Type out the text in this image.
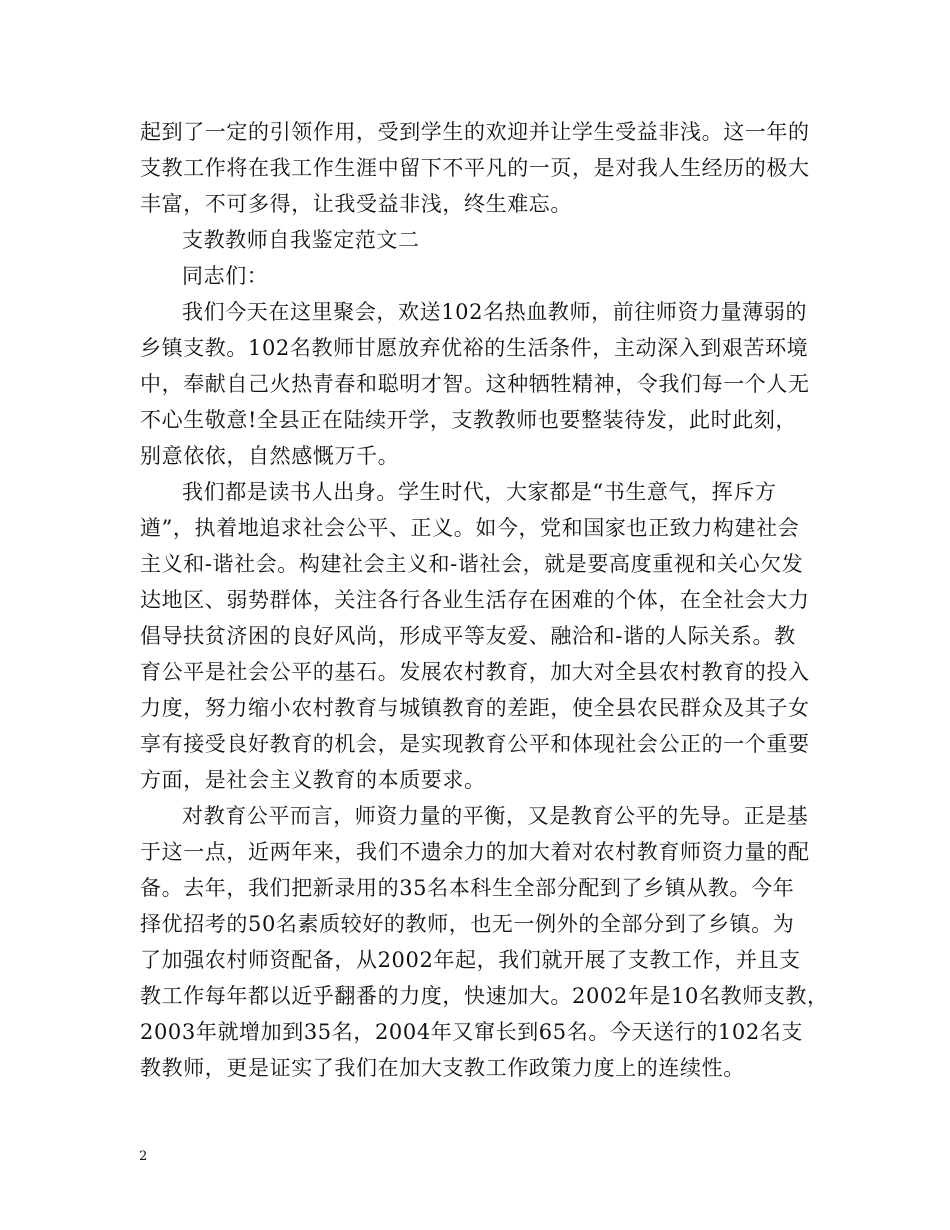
起到了一定的引领作用，受到学生的欢迎并让学生受益非浅。这一年的
支教工作将在我工作生涯中留下不平凡的一页，是对我人生经历的极大
丰富，不可多得，让我受益非浅，终生难忘。
支教教师自我鉴定范文二
同志们：
我们今天在这里聚会，欢送102名热血教师，前往师资力量薄弱的
乡镇支教。102名教师甘愿放弃优裕的生活条件，主动深入到艰苦环境
中，奉献自己火热青春和聪明才智。这种牺牲精神，令我们每一个人无
不心生敬意!全县正在陆续开学，支教教师也要整装待发，此时此刻，
别意依依，自然感慨万千。
我们都是读书人出身。学生时代，大家都是“书生意气，挥斥方
遒”，执着地追求社会公平、正义。如今，党和国家也正致力构建社会
主义和-谐社会。构建社会主义和-谐社会，就是要高度重视和关心欠发
达地区、弱势群体，关注各行各业生活存在困难的个体，在全社会大力
倡导扶贫济困的良好风尚，形成平等友爱、融洽和-谐的人际关系。教
育公平是社会公平的基石。发展农村教育，加大对全县农村教育的投入
力度，努力缩小农村教育与城镇教育的差距，使全县农民群众及其子女
享有接受良好教育的机会，是实现教育公平和体现社会公正的一个重要
方面，是社会主义教育的本质要求。
对教育公平而言，师资力量的平衡，又是教育公平的先导。正是基
于这一点，近两年来，我们不遗余力的加大着对农村教育师资力量的配
备。去年，我们把新录用的35名本科生全部分配到了乡镇从教。今年
择优招考的50名素质较好的教师，也无一例外的全部分到了乡镇。为
了加强农村师资配备，从2002年起，我们就开展了支教工作，并且支
教工作每年都以近乎翻番的力度，快速加大。2002年是10名教师支教，
2003年就增加到35名，2004年又窜长到65名。今天送行的102名支
教教师，更是证实了我们在加大支教工作政策力度上的连续性。
2
